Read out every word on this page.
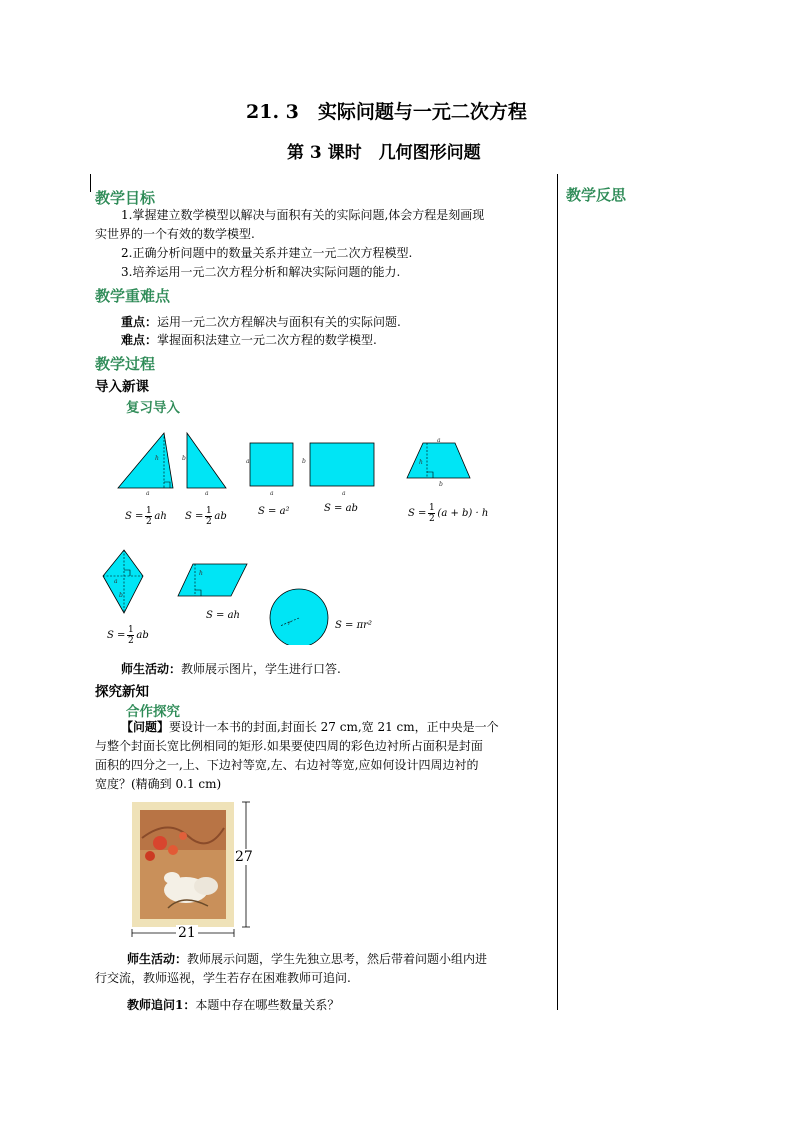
21. 3　实际问题与一元二次方程
第 3 课时　几何图形问题
教学反思
教学目标
1.掌握建立数学模型以解决与面积有关的实际问题,体会方程是刻画现
实世界的一个有效的数学模型.
2.正确分析问题中的数量关系并建立一元二次方程模型.
3.培养运用一元二次方程分析和解决实际问题的能力.
教学重难点
重点：运用一元二次方程解决与面积有关的实际问题.
难点：掌握面积法建立一元二次方程的数学模型.
教学过程
导入新课
复习导入
h
a
b
a
a
a
b
a
a
h
b
a
b
h
r
$S = \frac{1}{2}$ ah $S = \frac{1}{2}$ ab	S = a²	S = ab	$S = \frac{1}{2} (a + b) \cdot h$
$S = \frac{1}{2}$ ab
S = ah
S = πr²
师生活动：教师展示图片，学生进行口答.
探究新知
合作探究
【问题】要设计一本书的封面,封面长 27 cm,宽 21 cm，正中央是一个
与整个封面长宽比例相同的矩形.如果要使四周的彩色边衬所占面积是封面
面积的四分之一,上、下边衬等宽,左、右边衬等宽,应如何设计四周边衬的
宽度？(精确到 0.1 cm)
27
21
师生活动：教师展示问题，学生先独立思考，然后带着问题小组内进
行交流，教师巡视，学生若存在困难教师可追问.
教师追问1：本题中存在哪些数量关系？
